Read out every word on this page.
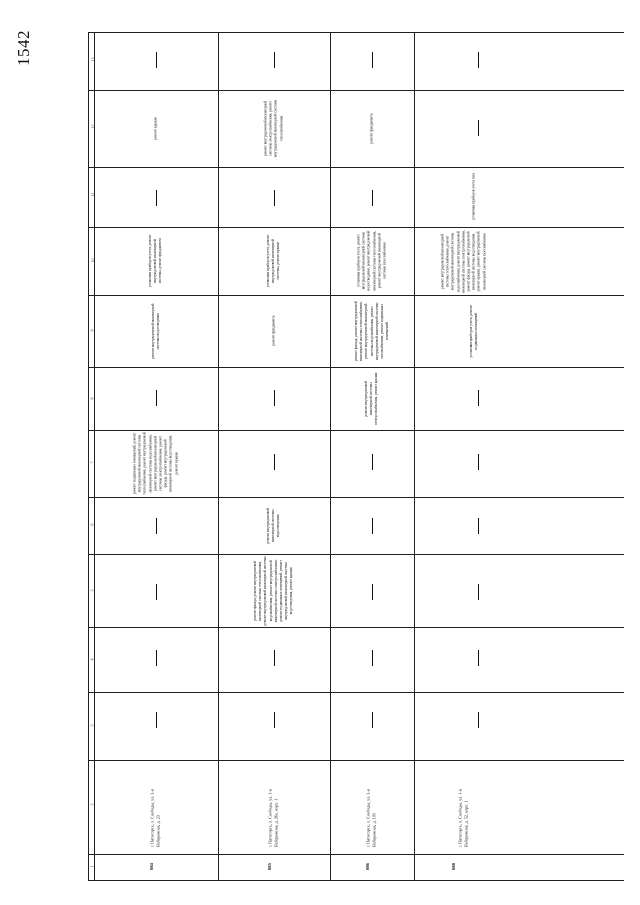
1542	13
12
11
10
9
8
7
6
5
4
3
2
1	884
г. Пятигорск, п. Свободы, ул. 1-я Набережная, д. 23
ремонт подвальных помещений, ремонт внутридомовой инженерной системы теплоснабжения, ремонт внутридомовой инженерной системы водоснабжения, ремонт внутридомовой инженерной системы электроснабжения, ремонт фасада, ремонт внутридомовой инженерной системы водоотведения, ремонт крыши
ремонт внутридомовой инженерной системы водоотведения
установка приборов учета, ремонт внутридомовой инженерной системы, ремонт фундамента
ремонт крыши
885
г. Пятигорск, п. Свободы, ул. 1-я Набережная, д. 26а, корп. 1
ремонт фасада, ремонт внутридомовой инженерной системы теплоснабжения, ремонт внутридомовой инженерной системы водоснабжения, ремонт внутридомовой инженерной системы электроснабжения, ремонт подвальных помещений, ремонт внутридомовой инженерной системы водоотведения, ремонт крыши
ремонт внутридомовой инженерной системы водоотведения
ремонт фундамента
установка приборов учета, ремонт внутридомовой инженерной системы, ремонт крыши
ремонт внутридомовой инженерной системы электроснабжения, ремонт внутридомовой инженерной системы теплоснабжения
886
г. Пятигорск, п. Свободы, ул. 1-я Набережная, д. 105
ремонт внутридомовой инженерной системы электроснабжения, ремонт крыши
ремонт фасада, ремонт внутридомовой инженерной системы теплоснабжения, ремонт внутридомовой инженерной системы водоснабжения, ремонт внутридомовой инженерной системы газоснабжения, ремонт подвальных помещений
установка приборов учета, ремонт внутридомовой инженерной системы водоотведения, ремонт внутридомовой инженерной системы теплоснабжения, ремонт внутридомовой инженерной системы газоснабжения
ремонт фундамента
888
г. Пятигорск, п. Свободы, ул. 1-я Набережная, д. 52, корп. 1
установка приборов учета, ремонт подвальных помещений
ремонт внутридомовой инженерной системы теплоснабжения, ремонт внутридомовой инженерной системы водоснабжения, ремонт внутридомовой инженерной системы электроснабжения, ремонт фасада, ремонт внутридомовой инженерной системы водоотведения, ремонт крыши, ремонт внутридомовой инженерной системы газоснабжения
установка приборов учета газа
